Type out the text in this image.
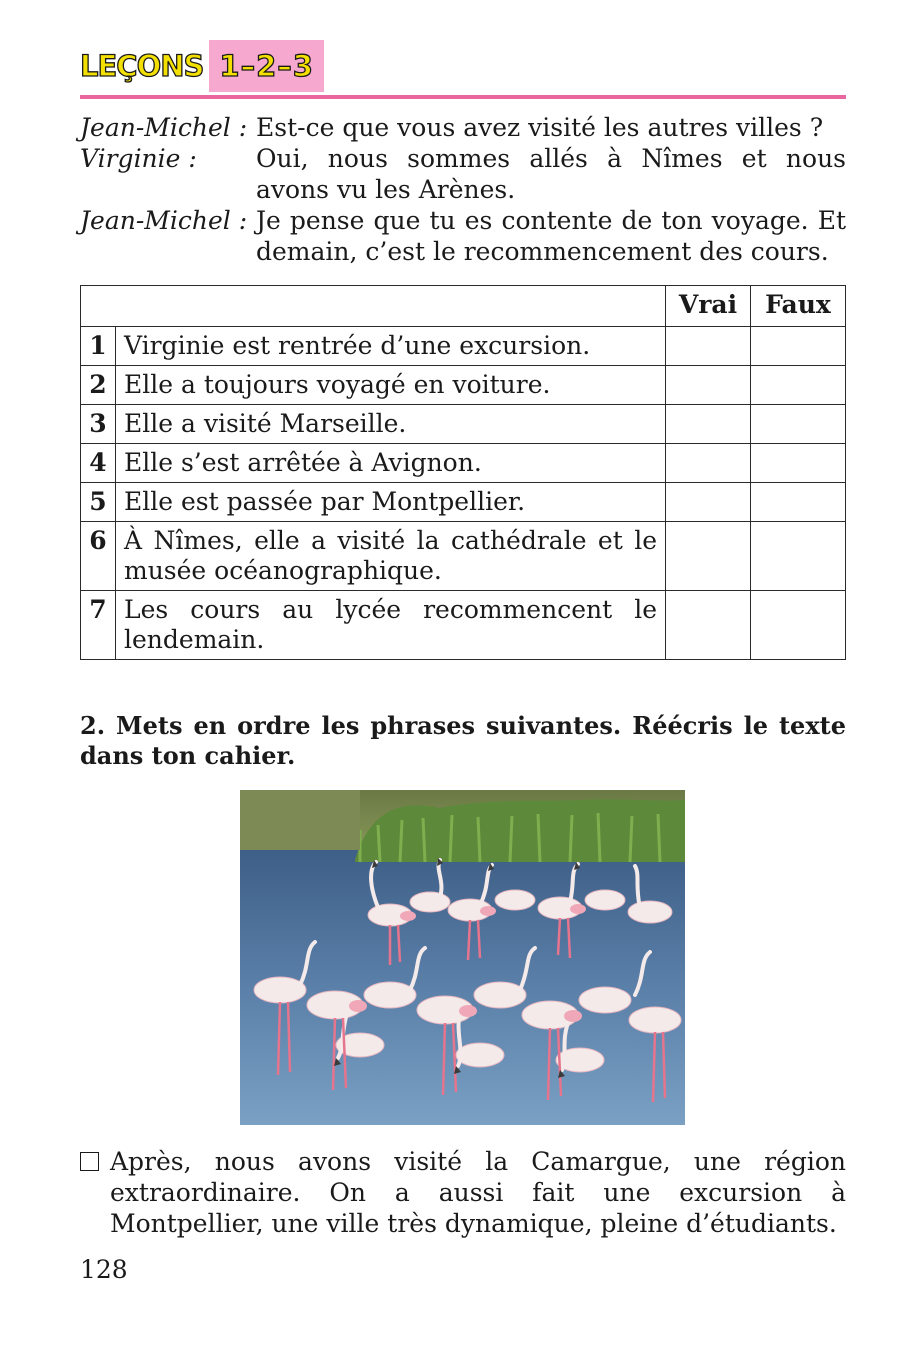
LEÇONS 1–2–3
Jean-Michel : Est-ce que vous avez visité les autres villes ?
Virginie :	Oui, nous sommes allés à Nîmes et nous avons vu les Arènes.
Jean-Michel : Je pense que tu es contente de ton voyage. Et demain, c’est le recommencement des cours.
		Vrai	Faux
1	Virginie est rentrée d’une excursion.		
2	Elle a toujours voyagé en voiture.		
3	Elle a visité Marseille.		
4	Elle s’est arrêtée à Avignon.		
5	Elle est passée par Montpellier.		
6	À Nîmes, elle a visité la cathédrale et le musée océanographique.		
7	Les cours au lycée recommencent le lendemain.		
2. Mets en ordre les phrases suivantes. Réécris le texte dans ton cahier.
Après, nous avons visité la Camargue, une région extraordinaire. On a aussi fait une excursion à Montpellier, une ville très dynamique, pleine d’étudiants.
128
